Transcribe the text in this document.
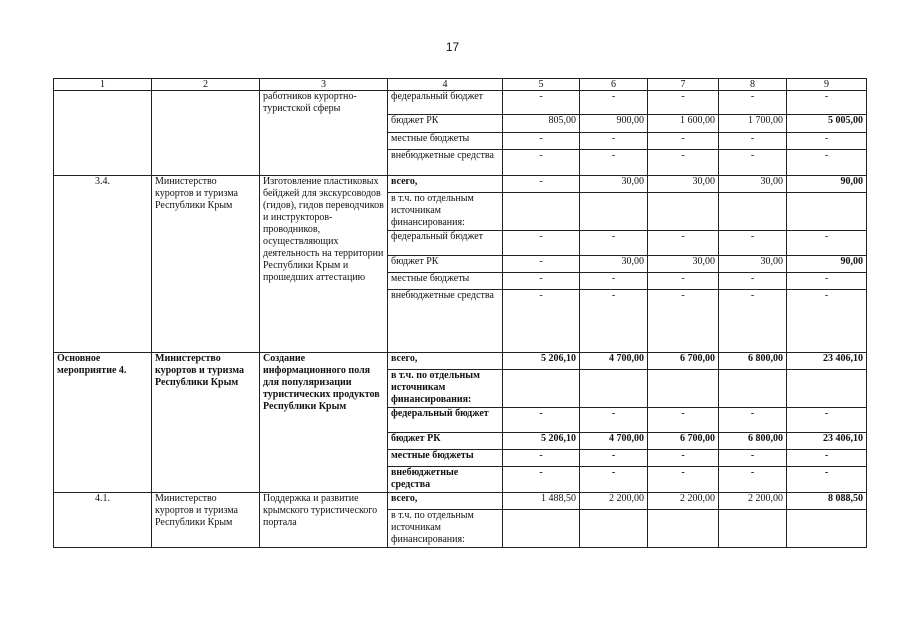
17
1	2	3	4	5	6	7	8	9
		работников курортно-туристской сферы	федеральный бюджет	-	-	-	-	-
			бюджет РК	805,00	900,00	1 600,00	1 700,00	5 005,00
			местные бюджеты	-	-	-	-	-
			внебюджетные средства	-	-	-	-	-
3.4.	Министерство курортов и туризма Республики Крым	Изготовление пластиковых бейджей для экскурсоводов (гидов), гидов переводчиков и инструкторов-проводников, осуществляющих деятельность на территории Республики Крым и прошедших аттестацию	всего,	-	30,00	30,00	30,00	90,00
			в т.ч. по отдельным источникам финансирования:					
			федеральный бюджет	-	-	-	-	-
			бюджет РК	-	30,00	30,00	30,00	90,00
			местные бюджеты	-	-	-	-	-
			внебюджетные средства	-	-	-	-	-
Основное мероприятие 4.	Министерство курортов и туризма Республики Крым	Создание информационного поля для популяризации туристических продуктов Республики Крым	всего,	5 206,10	4 700,00	6 700,00	6 800,00	23 406,10
			в т.ч. по отдельным источникам финансирования:					
			федеральный бюджет	-	-	-	-	-
			бюджет РК	5 206,10	4 700,00	6 700,00	6 800,00	23 406,10
			местные бюджеты	-	-	-	-	-
			внебюджетные средства	-	-	-	-	-
4.1.	Министерство курортов и туризма Республики Крым	Поддержка и развитие крымского туристического портала	всего,	1 488,50	2 200,00	2 200,00	2 200,00	8 088,50
			в т.ч. по отдельным источникам финансирования:					
